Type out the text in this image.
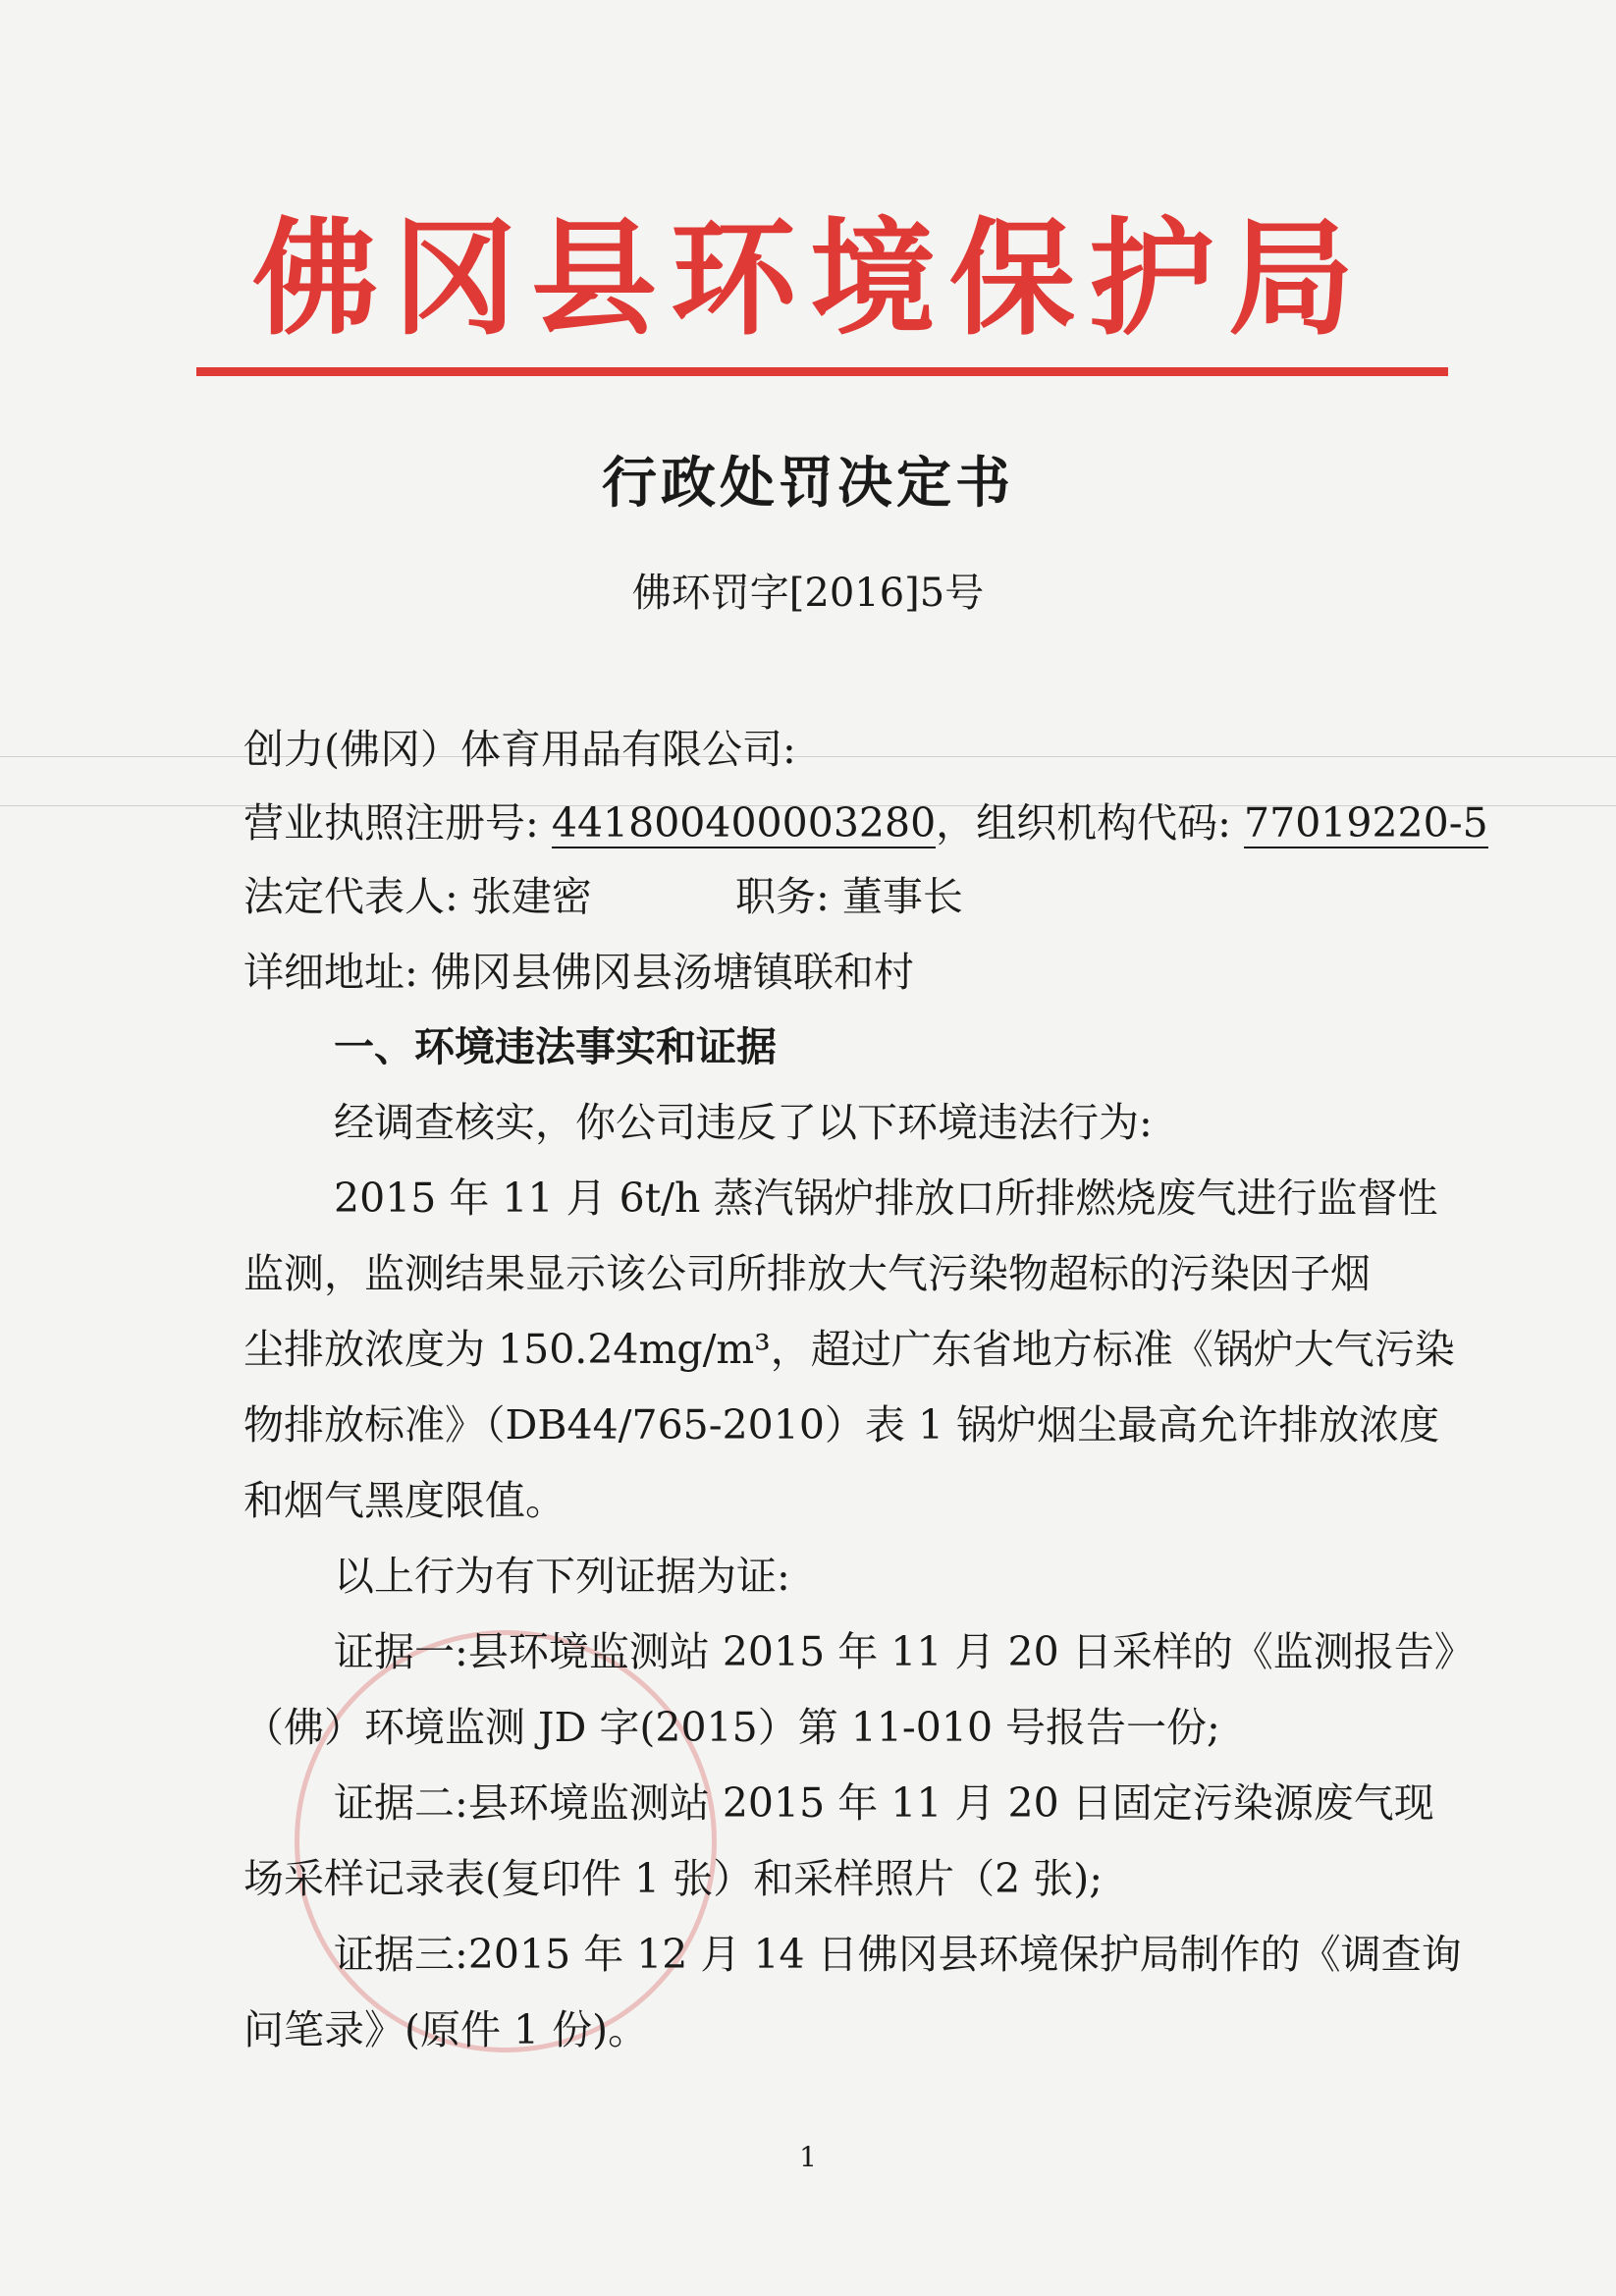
佛冈县环境保护局
行政处罚决定书
佛环罚字[2016]5号
创力(佛冈）体育用品有限公司:
营业执照注册号: 441800400003280，组织机构代码: 77019220-5
法定代表人: 张建密	职务: 董事长
详细地址: 佛冈县佛冈县汤塘镇联和村
一、环境违法事实和证据
经调查核实，你公司违反了以下环境违法行为:
2015 年 11 月 6t/h 蒸汽锅炉排放口所排燃烧废气进行监督性
监测，监测结果显示该公司所排放大气污染物超标的污染因子烟
尘排放浓度为 150.24mg/m³，超过广东省地方标准《锅炉大气污染
物排放标准》（DB44/765-2010）表 1 锅炉烟尘最高允许排放浓度
和烟气黑度限值。
以上行为有下列证据为证:
证据一:县环境监测站 2015 年 11 月 20 日采样的《监测报告》
（佛）环境监测 JD 字(2015）第 11-010 号报告一份;
证据二:县环境监测站 2015 年 11 月 20 日固定污染源废气现
场采样记录表(复印件 1 张）和采样照片（2 张);
证据三:2015 年 12 月 14 日佛冈县环境保护局制作的《调查询
问笔录》(原件 1 份)。
1
